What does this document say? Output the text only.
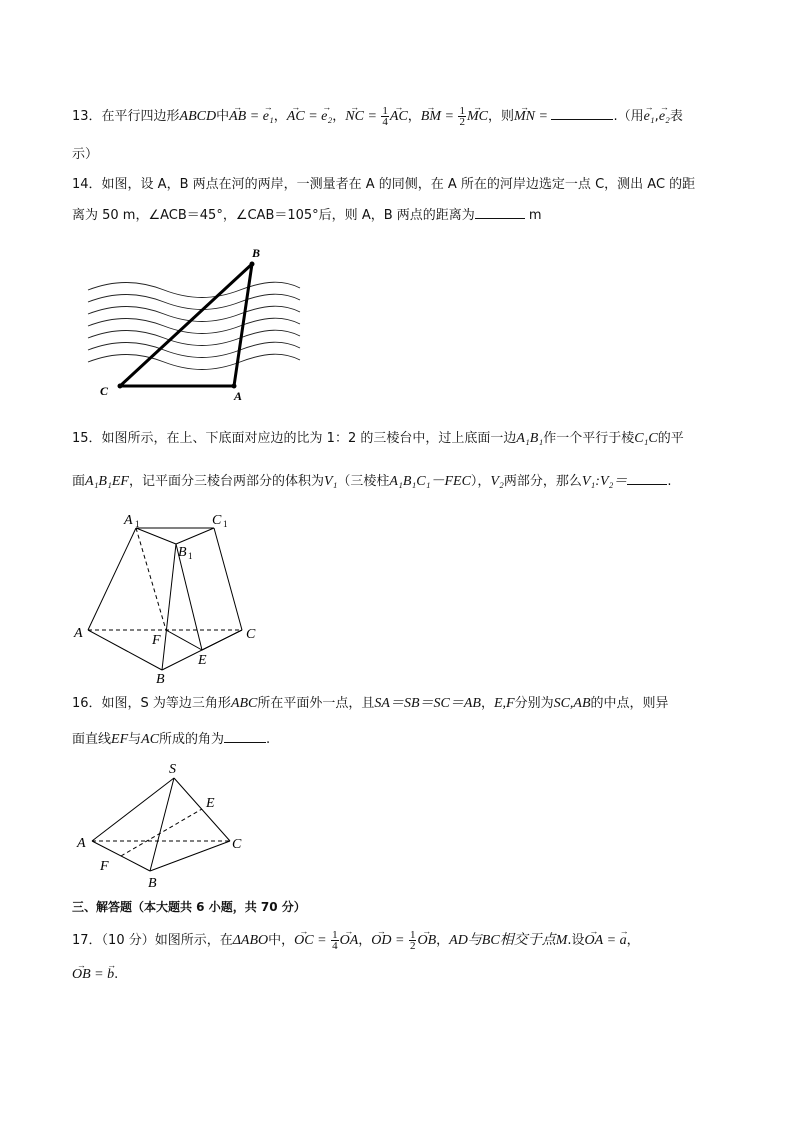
13．在平行四边形ABCD中→ AB = → e₁，→ AC = → e₂，→ NC = $\frac{1}{4}$ → AC，→ BM = $\frac{1}{2}$ → MC，则→ MN =	.（用→ e₁,→ e₂表
示）
14．如图，设 A，B 两点在河的两岸，一测量者在 A 的同侧，在 A 所在的河岸边选定一点 C，测出 AC 的距
离为 50 m，∠ACB＝45°，∠CAB＝105°后，则 A，B 两点的距离为	m
B
C	A
15．如图所示，在上、下底面对应边的比为 1：2 的三棱台中，过上底面一边A₁B₁作一个平行于棱C₁C的平
面A₁B₁EF，记平面分三棱台两部分的体积为V₁（三棱柱A₁B₁C₁－FEC），V₂两部分，那么V₁:V₂＝	.
A 1	C 1
B 1
A	C
F
E
B
16．如图，S 为等边三角形ABC所在平面外一点，且SA＝SB＝SC＝AB，E,F分别为SC,AB的中点，则异
面直线EF与AC所成的角为	.
S
E
A	C
F
B
三、解答题（本大题共 6 小题，共 70 分）
17．（10 分）如图所示，在ΔABO中，→ OC = $\frac{1}{4}$ → OA，→ OD = $\frac{1}{2}$ → OB，AD与BC相交于点M.设→ OA = → a，
→ OB = → b.
